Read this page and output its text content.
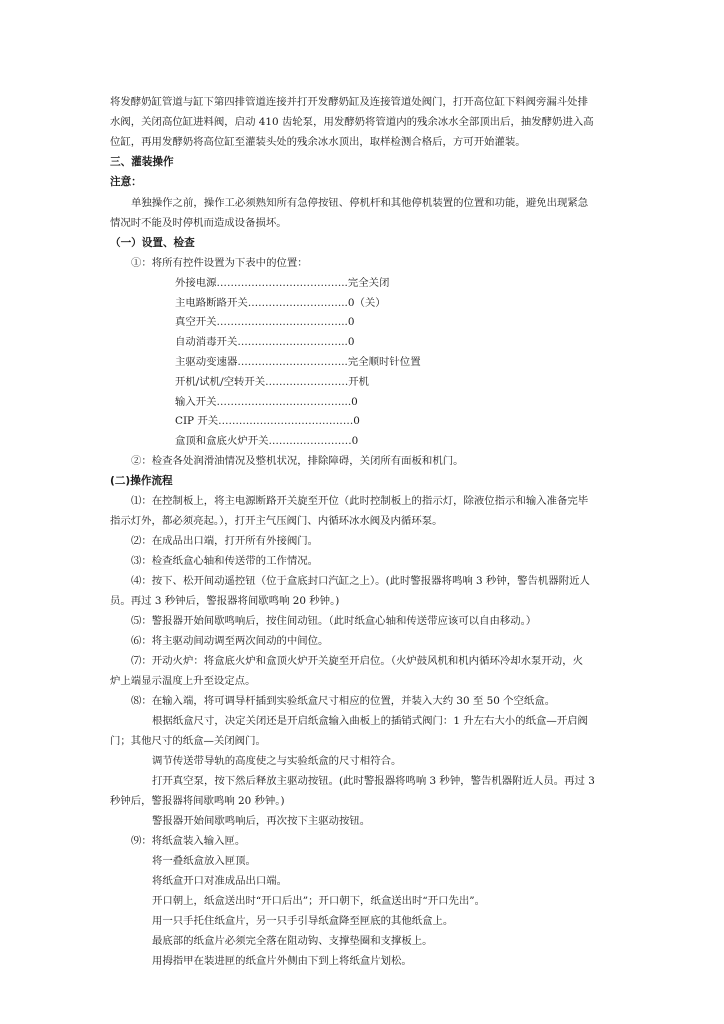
将发酵奶缸管道与缸下第四排管道连接并打开发酵奶缸及连接管道处阀门，打开高位缸下料阀旁漏斗处排

水阀，关闭高位缸进料阀，启动 410 齿轮泵，用发酵奶将管道内的残余冰水全部顶出后，抽发酵奶进入高

位缸，再用发酵奶将高位缸至灌装头处的残余冰水顶出，取样检测合格后，方可开始灌装。

三、灌装操作

注意：

单独操作之前，操作工必须熟知所有急停按钮、停机杆和其他停机装置的位置和功能，避免出现紧急

情况时不能及时停机而造成设备损坏。

（一）设置、检查

①：将所有控件设置为下表中的位置：

外接电源………………………………..完全关闭

主电路断路开关………………………..0（关）

真空开关………………………………..0

自动消毒开关…………………………..0

主驱动变速器…………………………..完全顺时针位置

开机/试机/空转开关……………………开机

输入开关………………………………...0

CIP 开关…………………………………0

盒顶和盒底火炉开关……………………0

②：检查各处润滑油情况及整机状况，排除障碍，关闭所有面板和机门。

(二)操作流程

⑴：在控制板上，将主电源断路开关旋至开位（此时控制板上的指示灯，除液位指示和输入准备完毕

指示灯外，都必须亮起。），打开主气压阀门、内循环冰水阀及内循环泵。

⑵：在成品出口端，打开所有外接阀门。

⑶：检查纸盒心轴和传送带的工作情况。

⑷：按下、松开间动遥控钮（位于盒底封口汽缸之上）。(此时警报器将鸣响 3 秒钟，警告机器附近人

员。再过 3 秒钟后，警报器将间歇鸣响 20 秒钟。)

⑸：警报器开始间歇鸣响后，按住间动钮。（此时纸盒心轴和传送带应该可以自由移动。）

⑹：将主驱动间动调至两次间动的中间位。

⑺：开动火炉：将盒底火炉和盒顶火炉开关旋至开启位。（火炉鼓风机和机内循环冷却水泵开动，火

炉上端显示温度上升至设定点。

⑻：在输入端，将可调导杆插到实验纸盒尺寸相应的位置，并装入大约 30 至 50 个空纸盒。

根据纸盒尺寸，决定关闭还是开启纸盒输入曲板上的插销式阀门：1 升左右大小的纸盒—开启阀

门；其他尺寸的纸盒—关闭阀门。

调节传送带导轨的高度使之与实验纸盒的尺寸相符合。

打开真空泵，按下然后释放主驱动按钮。(此时警报器将鸣响 3 秒钟，警告机器附近人员。再过 3

秒钟后，警报器将间歇鸣响 20 秒钟。)

警报器开始间歇鸣响后，再次按下主驱动按钮。

⑼：将纸盒装入输入匣。

将一叠纸盒放入匣顶。

将纸盒开口对准成品出口端。

开口朝上，纸盒送出时“开口后出”；开口朝下，纸盒送出时“开口先出”。

用一只手托住纸盒片，另一只手引导纸盒降至匣底的其他纸盒上。

最底部的纸盒片必须完全落在阻动钩、支撑垫圈和支撑板上。

用拇指甲在装进匣的纸盒片外侧由下到上将纸盒片划松。
